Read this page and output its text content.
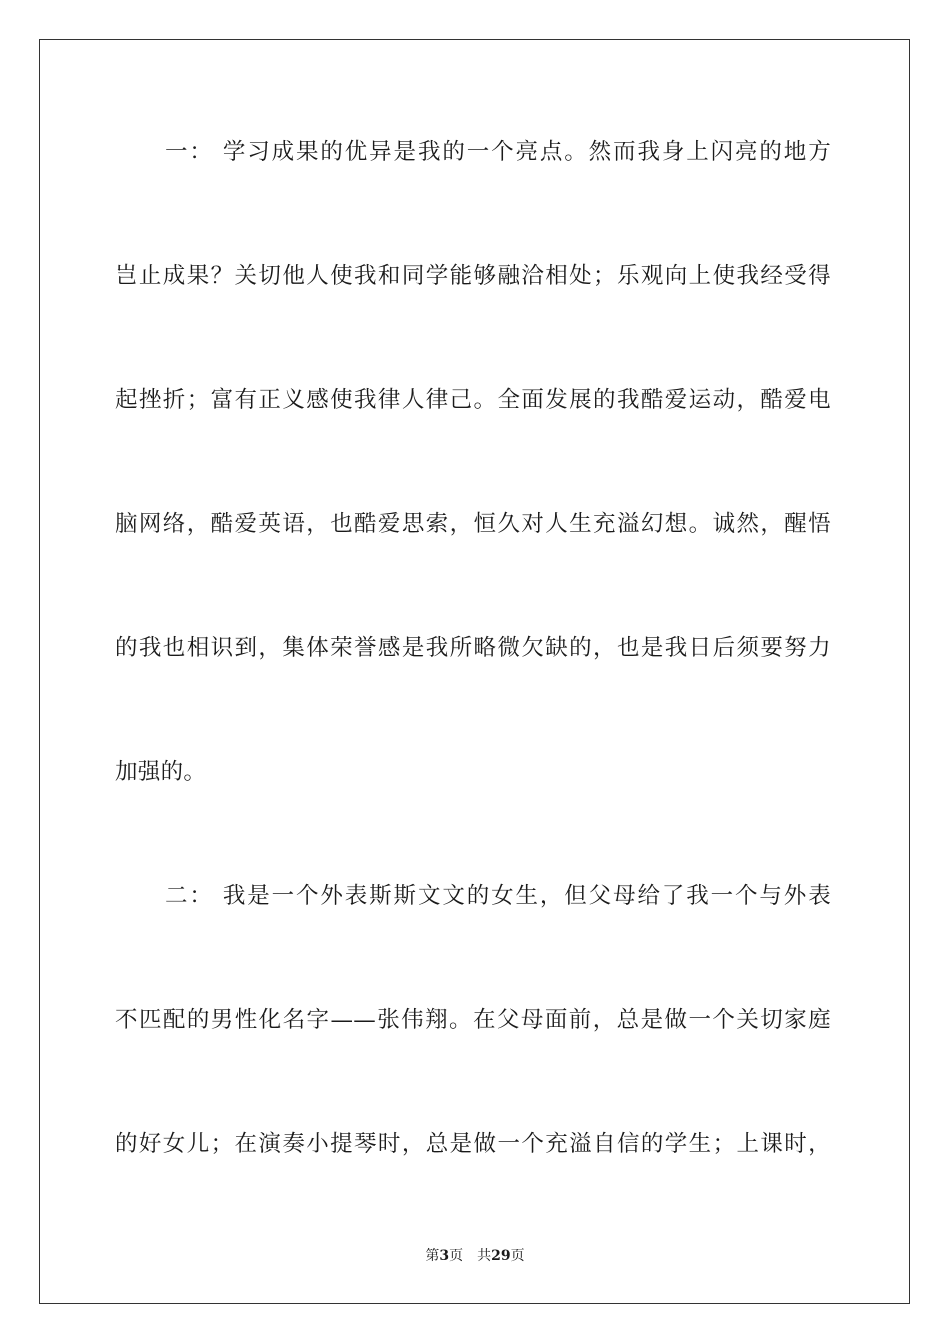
一： 学习成果的优异是我的一个亮点。然而我身上闪亮的地方
岂止成果？关切他人使我和同学能够融洽相处；乐观向上使我经受得
起挫折；富有正义感使我律人律己。全面发展的我酷爱运动，酷爱电
脑网络，酷爱英语，也酷爱思索，恒久对人生充溢幻想。诚然，醒悟
的我也相识到，集体荣誉感是我所略微欠缺的，也是我日后须要努力
加强的。
二： 我是一个外表斯斯文文的女生，但父母给了我一个与外表
不匹配的男性化名字——张伟翔。在父母面前，总是做一个关切家庭
的好女儿；在演奏小提琴时，总是做一个充溢自信的学生；上课时，
第3页 共29页
